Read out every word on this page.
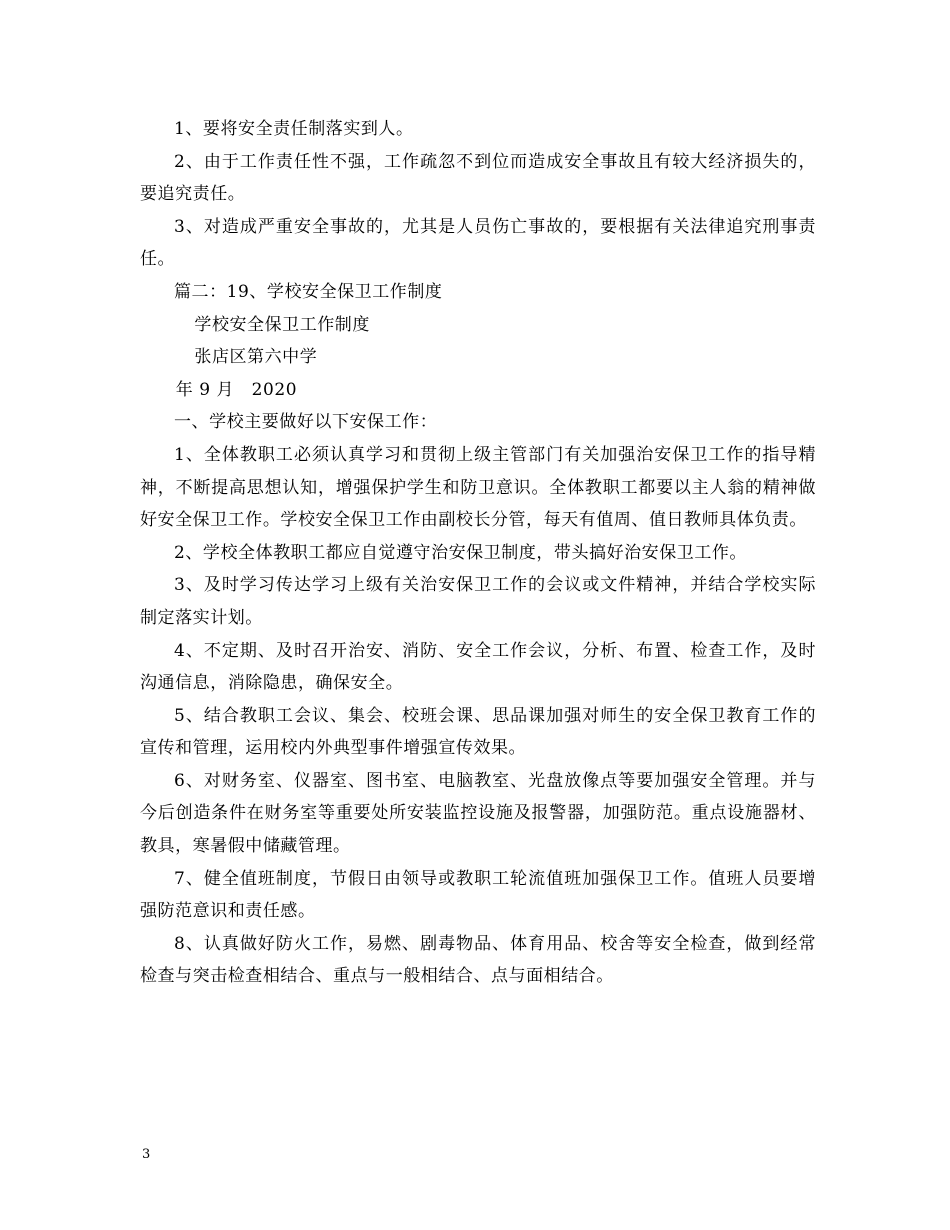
1、要将安全责任制落实到人。

2、由于工作责任性不强，工作疏忽不到位而造成安全事故且有较大经济损失的，要追究责任。

3、对造成严重安全事故的，尤其是人员伤亡事故的，要根据有关法律追究刑事责任。

篇二：19、学校安全保卫工作制度

学校安全保卫工作制度

张店区第六中学

年 9 月　2020

一、学校主要做好以下安保工作：

1、全体教职工必须认真学习和贯彻上级主管部门有关加强治安保卫工作的指导精神，不断提高思想认知，增强保护学生和防卫意识。全体教职工都要以主人翁的精神做好安全保卫工作。学校安全保卫工作由副校长分管，每天有值周、值日教师具体负责。

2、学校全体教职工都应自觉遵守治安保卫制度，带头搞好治安保卫工作。

3、及时学习传达学习上级有关治安保卫工作的会议或文件精神，并结合学校实际制定落实计划。

4、不定期、及时召开治安、消防、安全工作会议，分析、布置、检查工作，及时沟通信息，消除隐患，确保安全。

5、结合教职工会议、集会、校班会课、思品课加强对师生的安全保卫教育工作的宣传和管理，运用校内外典型事件增强宣传效果。

6、对财务室、仪器室、图书室、电脑教室、光盘放像点等要加强安全管理。并与今后创造条件在财务室等重要处所安装监控设施及报警器，加强防范。重点设施器材、教具，寒暑假中储藏管理。

7、健全值班制度，节假日由领导或教职工轮流值班加强保卫工作。值班人员要增强防范意识和责任感。

8、认真做好防火工作，易燃、剧毒物品、体育用品、校舍等安全检查，做到经常检查与突击检查相结合、重点与一般相结合、点与面相结合。

3
